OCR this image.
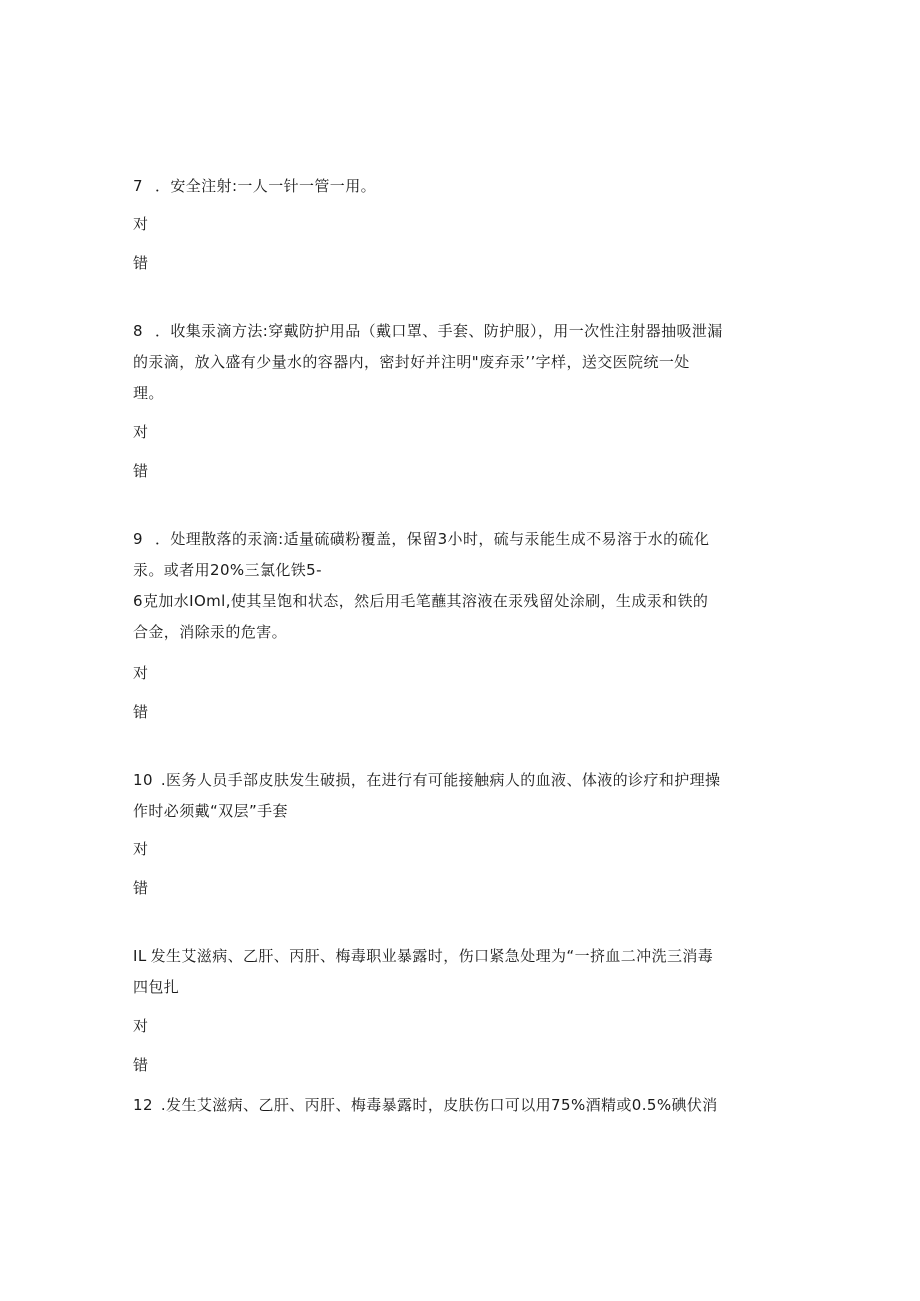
7 ．安全注射:一人一针一管一用。
对
错
8 ．收集汞滴方法:穿戴防护用品（戴口罩、手套、防护服），用一次性注射器抽吸泄漏
的汞滴，放入盛有少量水的容器内，密封好并注明"废弃汞’’字样，送交医院统一处
理。
对
错
9 ．处理散落的汞滴:适量硫磺粉覆盖，保留3小时，硫与汞能生成不易溶于水的硫化
汞。或者用20%三氯化铁5-
6克加水IOml,使其呈饱和状态，然后用毛笔蘸其溶液在汞残留处涂刷，生成汞和铁的
合金，消除汞的危害。
对
错
10 .医务人员手部皮肤发生破损，在进行有可能接触病人的血液、体液的诊疗和护理操
作时必须戴“双层”手套
对
错
IL 发生艾滋病、乙肝、丙肝、梅毒职业暴露时，伤口紧急处理为“一挤血二冲洗三消毒
四包扎
对
错
12 .发生艾滋病、乙肝、丙肝、梅毒暴露时，皮肤伤口可以用75%酒精或0.5%碘伏消
